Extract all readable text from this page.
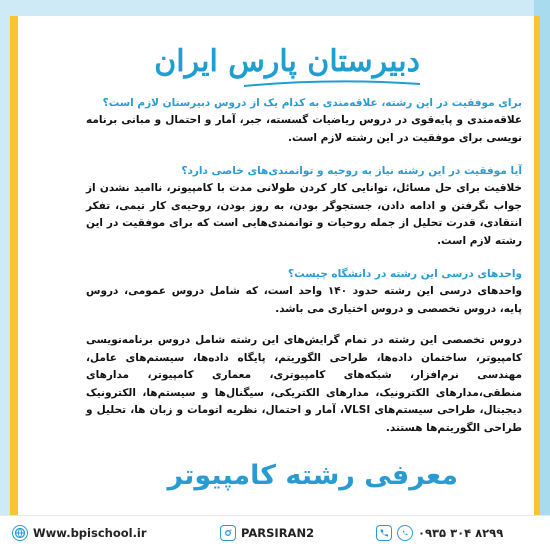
دبیرستان پارس ایران
برای موفقیت در این رشته، علاقه‌مندی به کدام یک از دروس دبیرستان لازم است؟
علاقه‌مندی و پایه‌قوی در دروس ریاضیات گسسته، جبر، آمار و احتمال و مبانی برنامه نویسی برای موفقیت در این رشته لازم است.
آیا موفقیت در این رشته نیاز به روحیه و توانمندی‌های خاصی دارد؟
خلاقیت برای حل مسائل، توانایی کار کردن طولانی مدت با کامپیوتر، ناامید نشدن از جواب نگرفتن و ادامه دادن، جستجوگر بودن، به روز بودن، روحیه‌ی کار تیمی، تفکر انتقادی، قدرت تحلیل از جمله روحیات و توانمندی‌هایی است که برای موفقیت در این رشته لازم است.
واحدهای درسی این رشته در دانشگاه چیست؟
واحدهای درسی این رشته حدود ۱۴۰ واحد است، که شامل دروس عمومی، دروس پایه، دروس تخصصی و دروس اختیاری می باشد.
دروس تخصصی این رشته در تمام گرایش‌های این رشته شامل دروس برنامه‌نویسی کامپیوتر، ساختمان داده‌ها، طراحی الگوریتم، پایگاه داده‌ها، سیستم‌های عامل، مهندسی نرم‌افزار، شبکه‌های کامپیوتری، معماری کامپیوتر، مدارهای منطقی،مدارهای الکترونیک، مدارهای الکتریکی، سیگنال‌ها و سیستم‌ها، الکترونیک دیجیتال، طراحی سیستم‌های VLSI، آمار و احتمال، نظریه اتومات و زبان ها، تحلیل و طراحی الگوریتم‌ها هستند.
معرفی رشته کامپیوتر
Www.bpischool.ir	PARSIRAN2	۰۹۳۵ ۳۰۴ ۸۲۹۹
